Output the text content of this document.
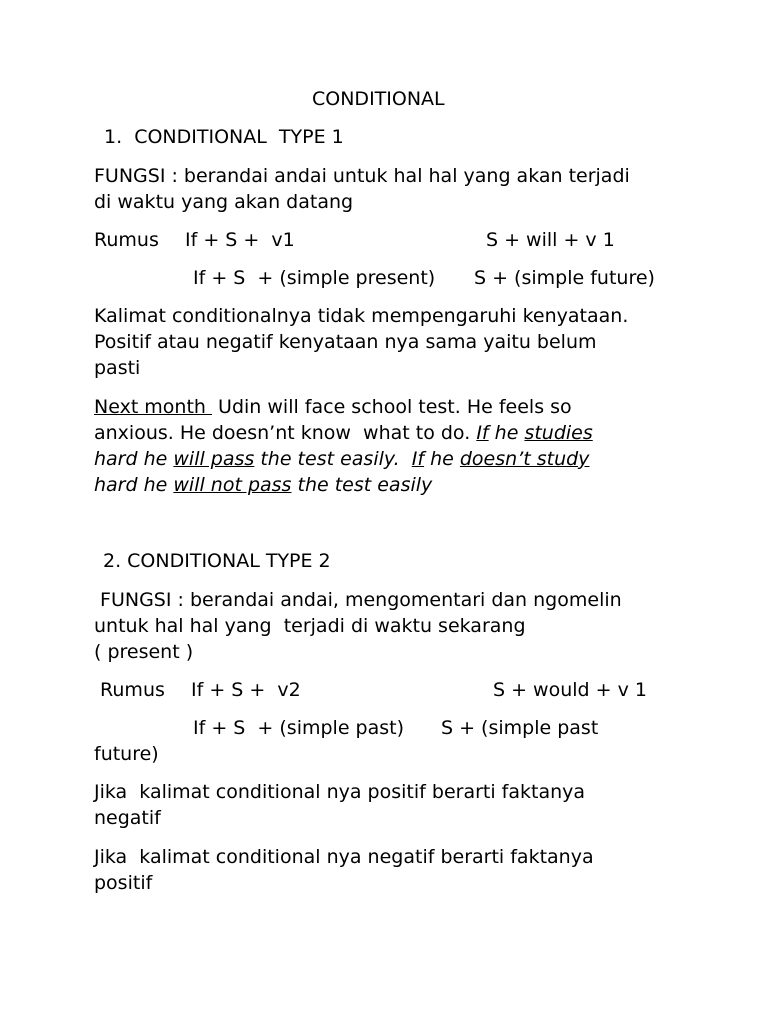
CONDITIONAL
1.  CONDITIONAL  TYPE 1
FUNGSI : berandai andai untuk hal hal yang akan terjadi
di waktu yang akan datang
Rumus If + S +  v1	S + will + v 1
If + S  + (simple present) S + (simple future)
Kalimat conditionalnya tidak mempengaruhi kenyataan.
Positif atau negatif kenyataan nya sama yaitu belum
pasti
Next month  Udin will face school test. He feels so
anxious. He doesn’nt know  what to do. If he studies
hard he will pass the test easily.  If he doesn’t study
hard he will not pass the test easily
2. CONDITIONAL TYPE 2
FUNGSI : berandai andai, mengomentari dan ngomelin
untuk hal hal yang  terjadi di waktu sekarang
( present )
Rumus If + S +  v2	S + would + v 1
If + S  + (simple past) S + (simple past
future)
Jika  kalimat conditional nya positif berarti faktanya
negatif
Jika  kalimat conditional nya negatif berarti faktanya
positif
